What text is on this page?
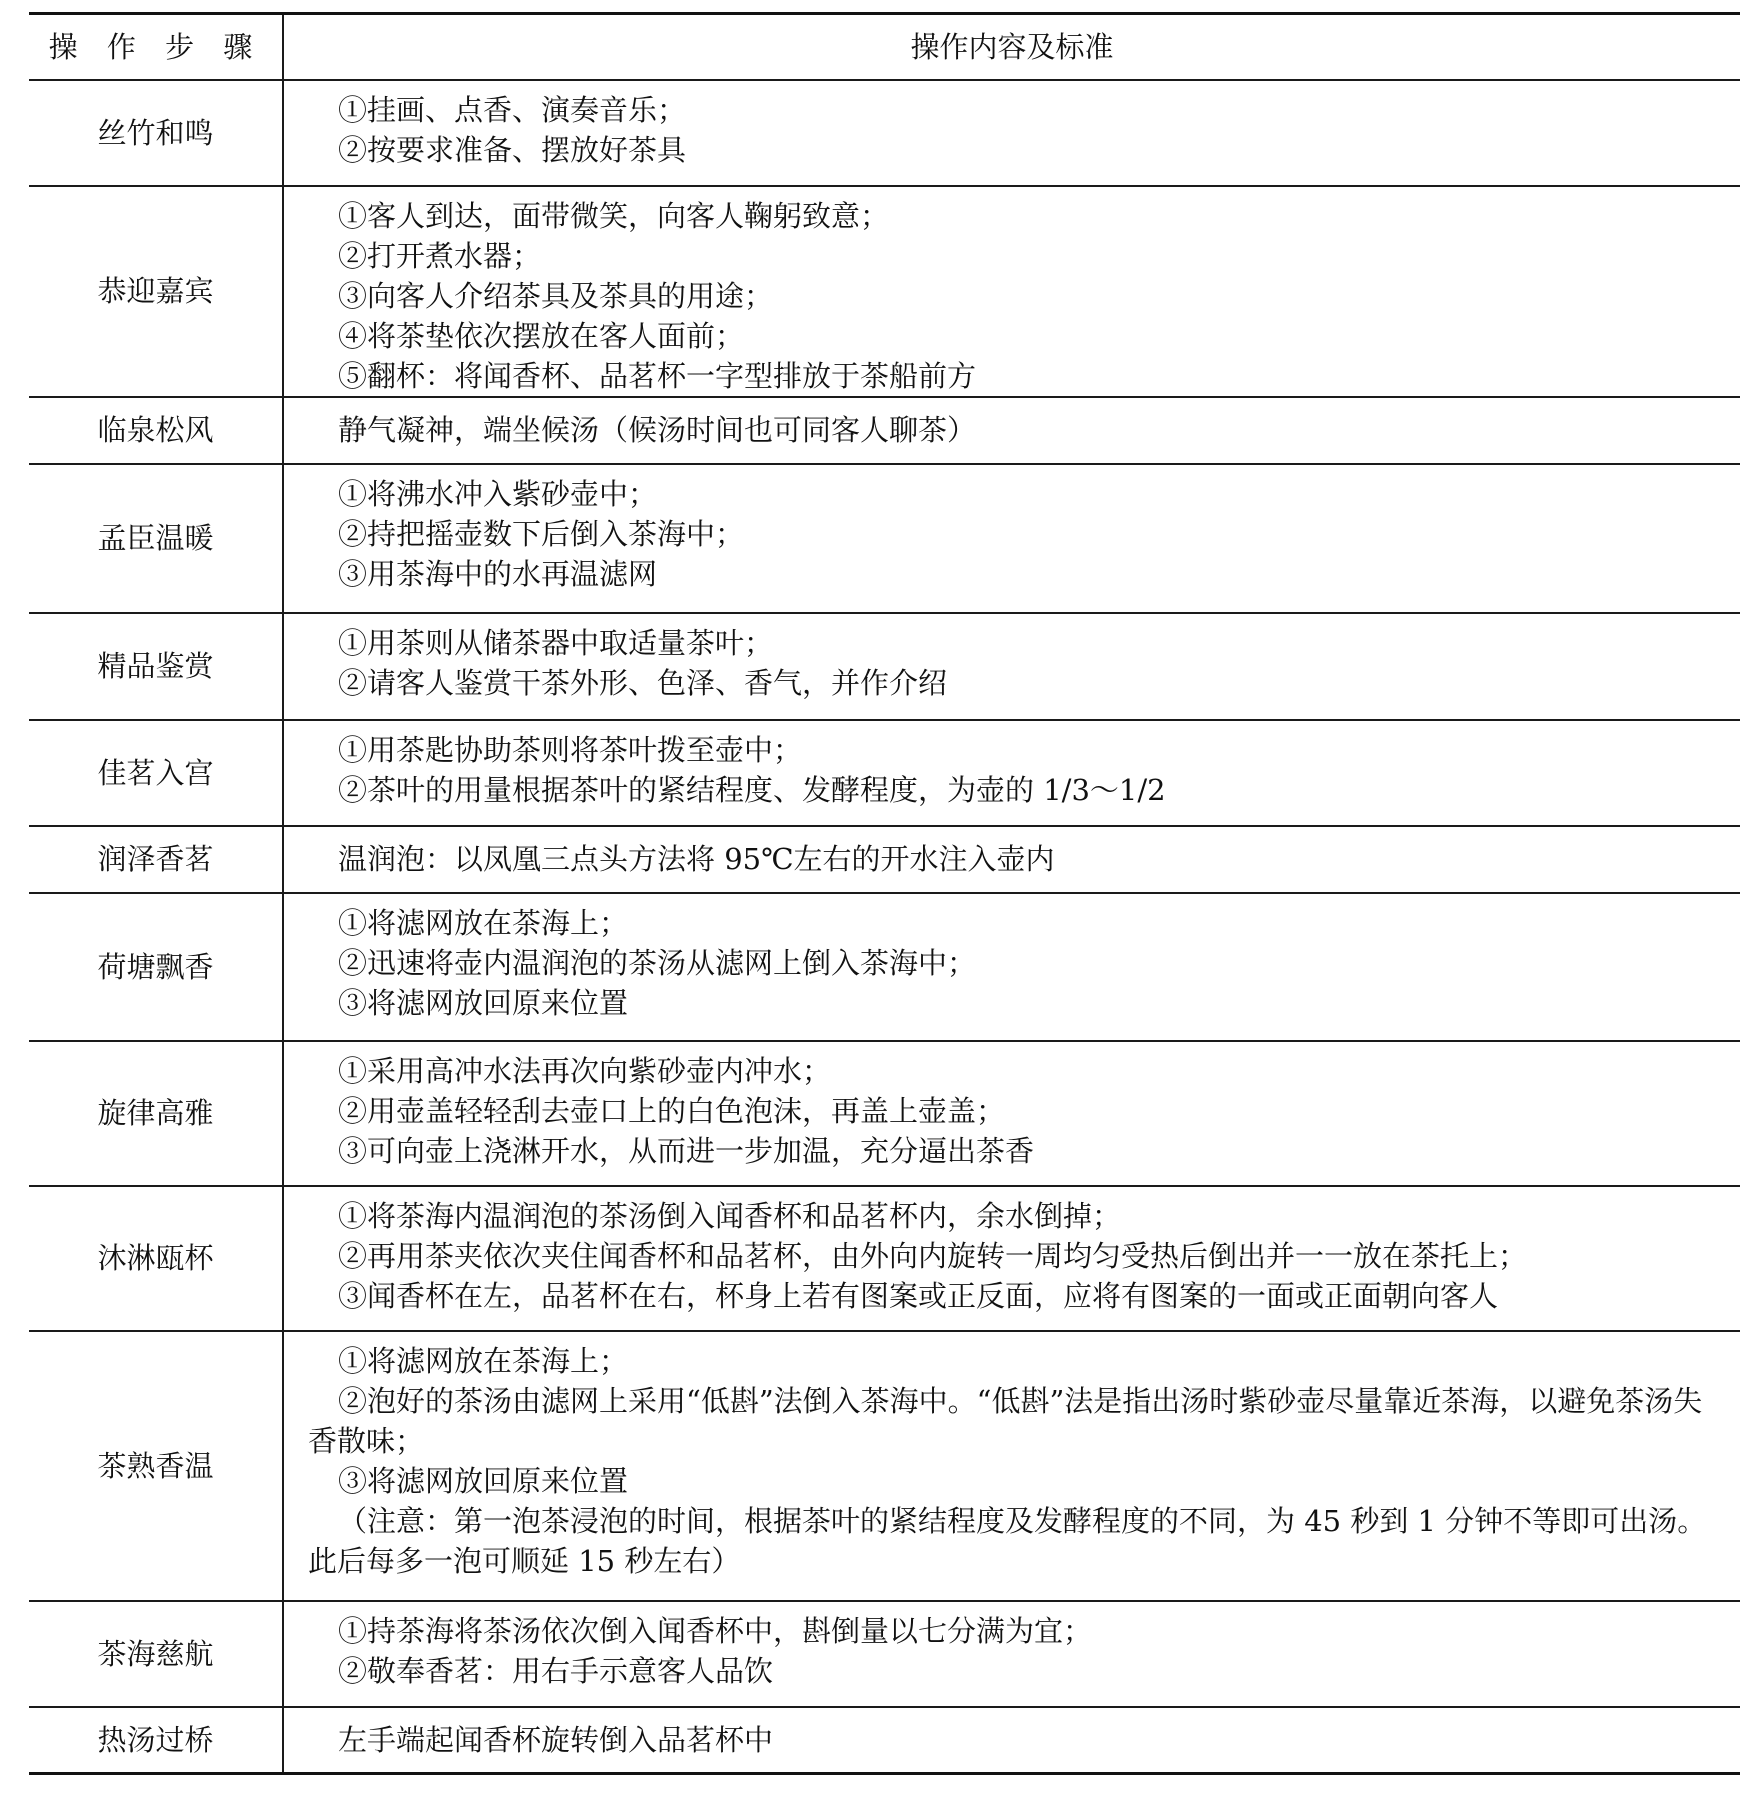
操 作 步 骤	操作内容及标准
丝竹和鸣	①挂画、点香、演奏音乐；
②按要求准备、摆放好茶具

恭迎嘉宾	①客人到达，面带微笑，向客人鞠躬致意；
②打开煮水器；
③向客人介绍茶具及茶具的用途；
④将茶垫依次摆放在客人面前；
⑤翻杯：将闻香杯、品茗杯一字型排放于茶船前方

临泉松风	静气凝神，端坐候汤（候汤时间也可同客人聊茶）

孟臣温暖	①将沸水冲入紫砂壶中；
②持把摇壶数下后倒入茶海中；
③用茶海中的水再温滤网

精品鉴赏	①用茶则从储茶器中取适量茶叶；
②请客人鉴赏干茶外形、色泽、香气，并作介绍

佳茗入宫	①用茶匙协助茶则将茶叶拨至壶中；
②茶叶的用量根据茶叶的紧结程度、发酵程度，为壶的 1/3～1/2

润泽香茗	温润泡：以凤凰三点头方法将 95℃左右的开水注入壶内

荷塘飘香	①将滤网放在茶海上；
②迅速将壶内温润泡的茶汤从滤网上倒入茶海中；
③将滤网放回原来位置

旋律高雅	①采用高冲水法再次向紫砂壶内冲水；
②用壶盖轻轻刮去壶口上的白色泡沫，再盖上壶盖；
③可向壶上浇淋开水，从而进一步加温，充分逼出茶香

沐淋瓯杯	①将茶海内温润泡的茶汤倒入闻香杯和品茗杯内，余水倒掉；
②再用茶夹依次夹住闻香杯和品茗杯，由外向内旋转一周均匀受热后倒出并一一放在茶托上；
③闻香杯在左，品茗杯在右，杯身上若有图案或正反面，应将有图案的一面或正面朝向客人

茶熟香温	①将滤网放在茶海上；
②泡好的茶汤由滤网上采用“低斟”法倒入茶海中。“低斟”法是指出汤时紫砂壶尽量靠近茶海，以避免茶汤失香散味；
③将滤网放回原来位置
（注意：第一泡茶浸泡的时间，根据茶叶的紧结程度及发酵程度的不同，为 45 秒到 1 分钟不等即可出汤。此后每多一泡可顺延 15 秒左右）

茶海慈航	①持茶海将茶汤依次倒入闻香杯中，斟倒量以七分满为宜；
②敬奉香茗：用右手示意客人品饮

热汤过桥	左手端起闻香杯旋转倒入品茗杯中
